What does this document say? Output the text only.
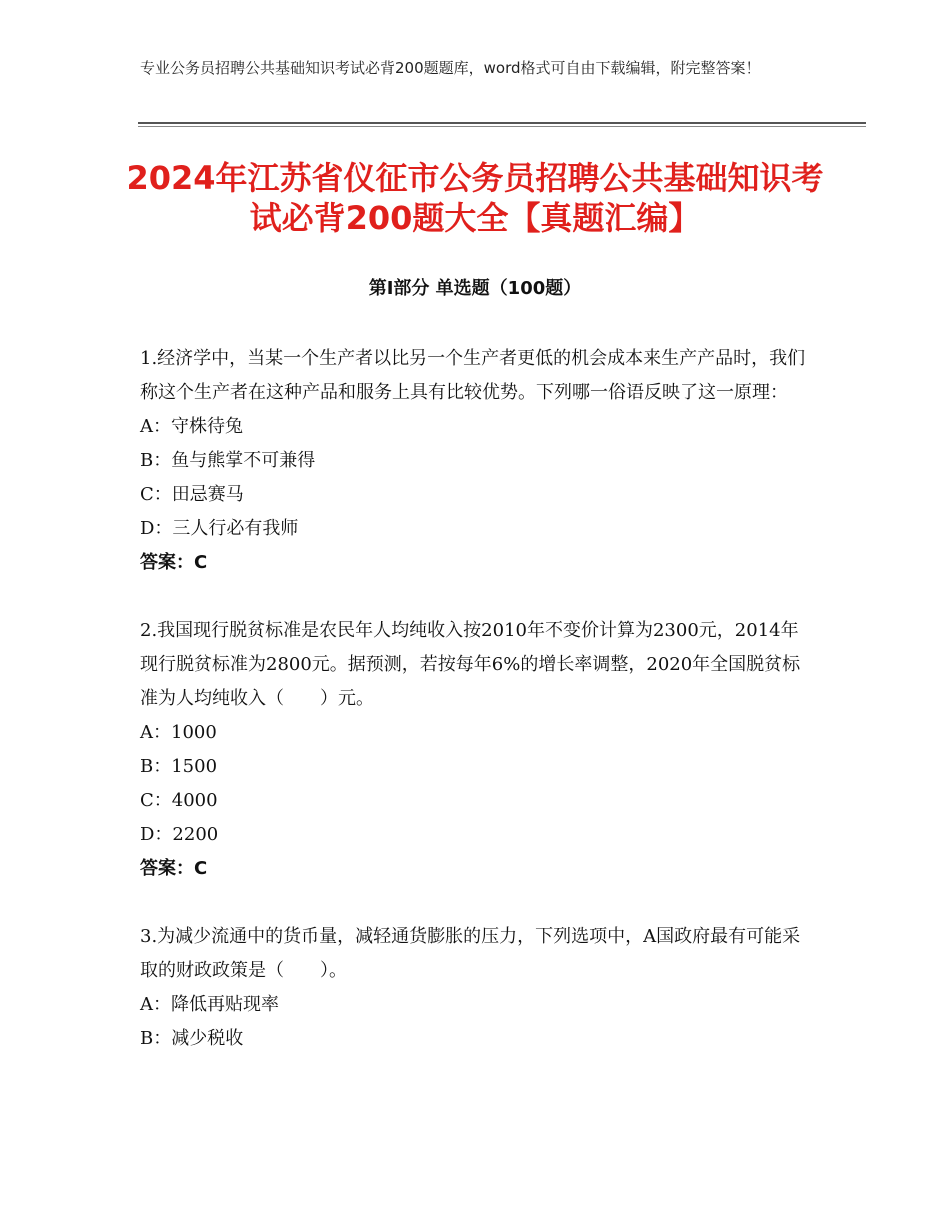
专业公务员招聘公共基础知识考试必背200题题库，word格式可自由下载编辑，附完整答案！
2024年江苏省仪征市公务员招聘公共基础知识考试必背200题大全【真题汇编】
第Ⅰ部分 单选题（100题）

1.经济学中，当某一个生产者以比另一个生产者更低的机会成本来生产产品时，我们称这个生产者在这种产品和服务上具有比较优势。下列哪一俗语反映了这一原理：

A：守株待兔

B：鱼与熊掌不可兼得

C：田忌赛马

D：三人行必有我师

答案：C

2.我国现行脱贫标准是农民年人均纯收入按2010年不变价计算为2300元，2014年现行脱贫标准为2800元。据预测，若按每年6%的增长率调整，2020年全国脱贫标准为人均纯收入（　　）元。

A：1000

B：1500

C：4000

D：2200

答案：C

3.为减少流通中的货币量，减轻通货膨胀的压力，下列选项中，A国政府最有可能采取的财政政策是（　　）。

A：降低再贴现率

B：减少税收
